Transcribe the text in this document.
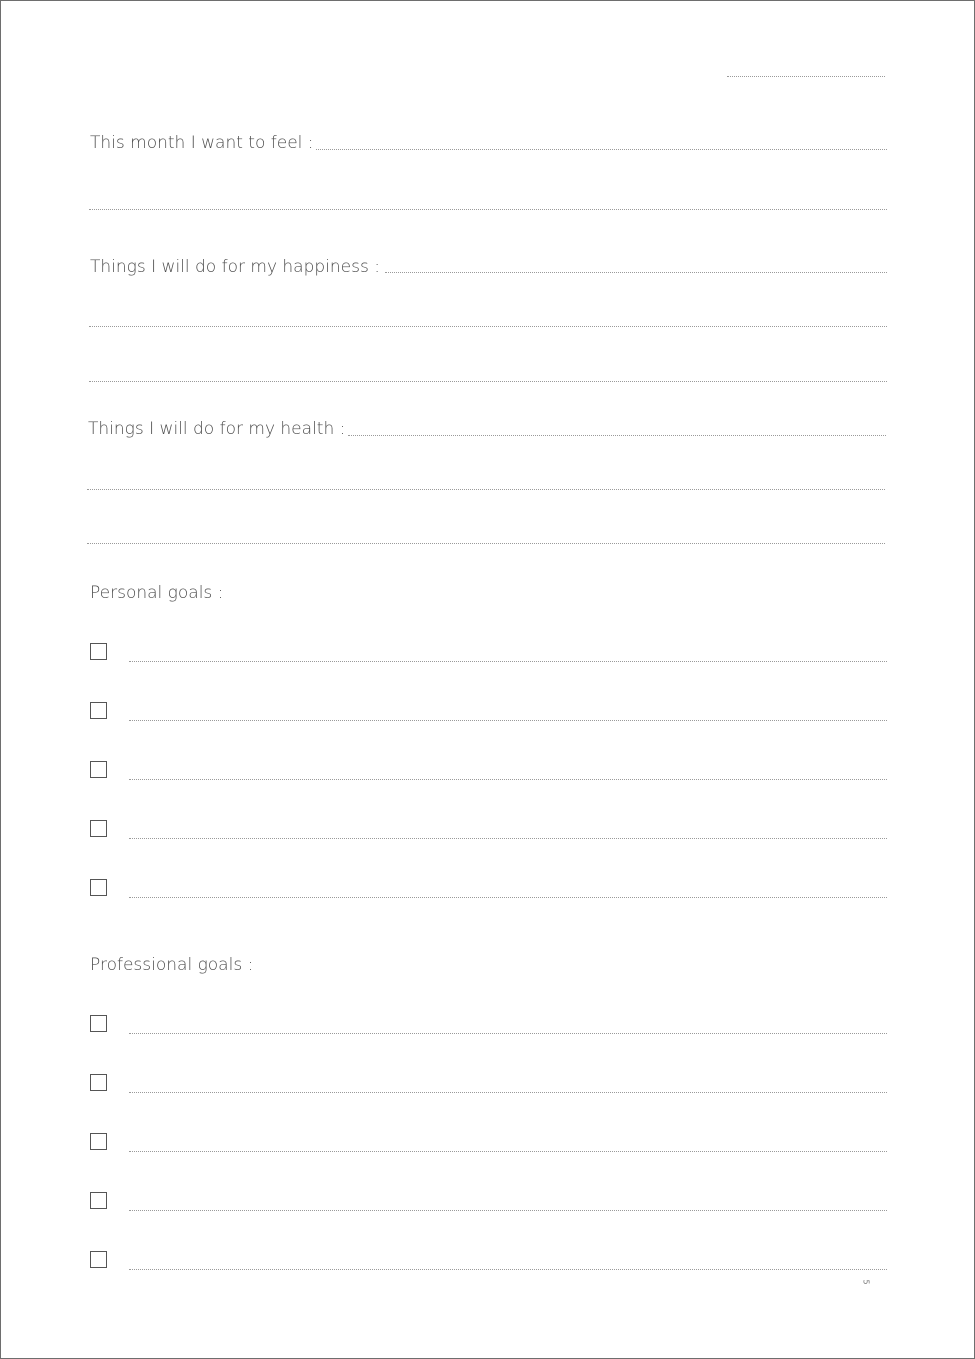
This month I want to feel :
Things I will do for my happiness :
Things I will do for my health :
Personal goals :
Professional goals :
5
